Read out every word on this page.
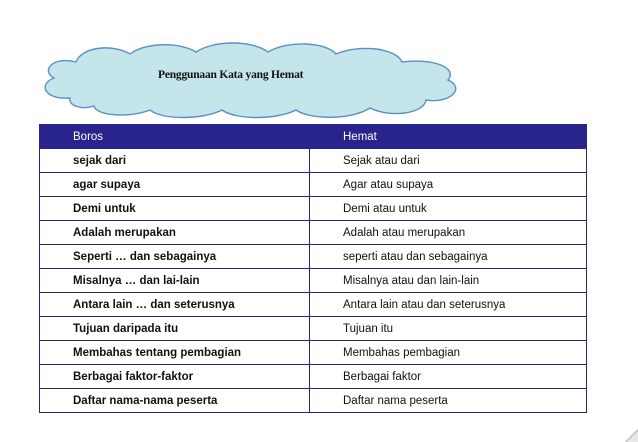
Penggunaan Kata yang Hemat
Boros	Hemat
sejak dari	Sejak atau dari
agar supaya	Agar atau supaya
Demi untuk	Demi atau untuk
Adalah merupakan	Adalah atau merupakan
Seperti … dan sebagainya	seperti atau dan sebagainya
Misalnya … dan lai-lain	Misalnya atau dan lain-lain
Antara lain … dan seterusnya	Antara lain atau dan seterusnya
Tujuan daripada itu	Tujuan itu
Membahas tentang pembagian	Membahas pembagian
Berbagai faktor-faktor	Berbagai faktor
Daftar nama-nama peserta	Daftar nama peserta
